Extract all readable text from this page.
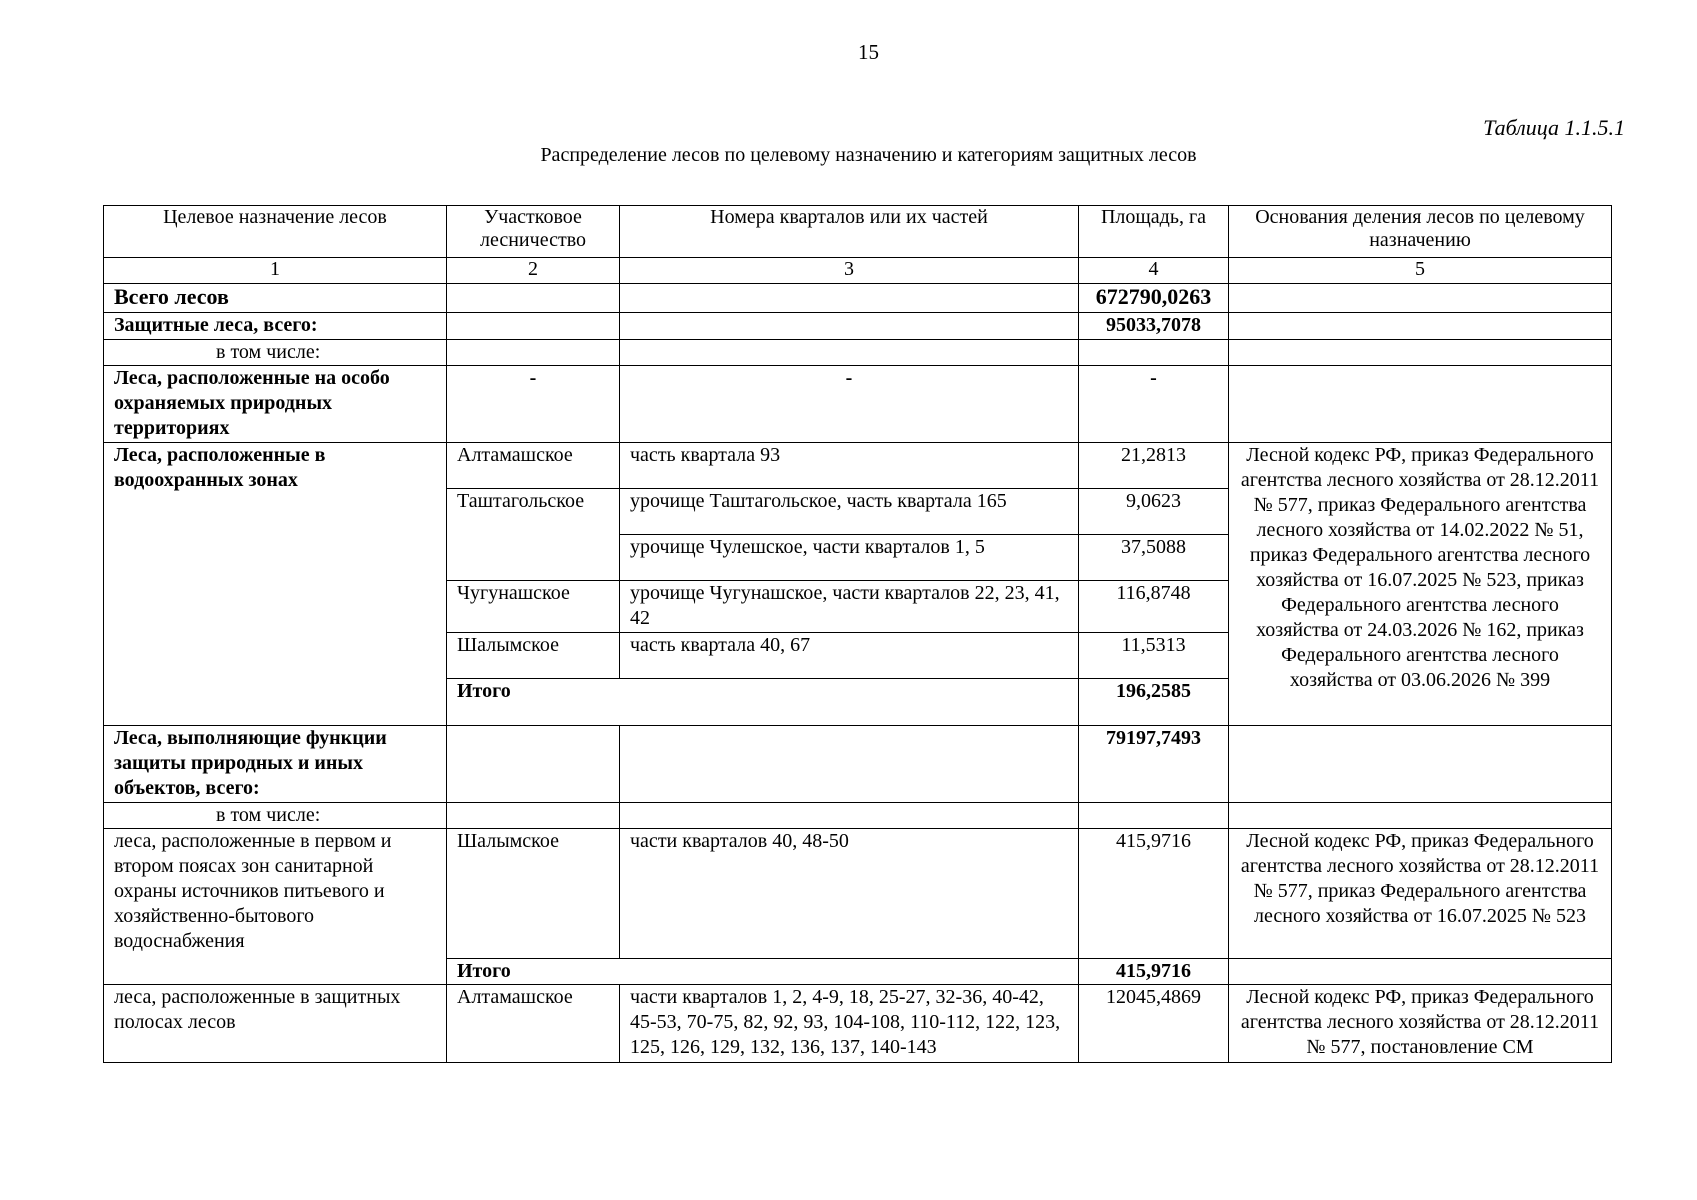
15
Таблица 1.1.5.1
Распределение лесов по целевому назначению и категориям защитных лесов
Целевое назначение лесов	Участковое лесничество	Номера кварталов или их частей	Площадь, га	Основания деления лесов по целевому назначению
1	2	3	4	5
Всего лесов			672790,0263	
Защитные леса, всего:			95033,7078	
в том числе:				
Леса, расположенные на особо охраняемых природных территориях	-	-	-	
Леса, расположенные в водоохранных зонах	Алтамашское	часть квартала 93	21,2813	Лесной кодекс РФ, приказ Федерального агентства лесного хозяйства от 28.12.2011 № 577, приказ Федерального агентства лесного хозяйства от 14.02.2022 № 51, приказ Федерального агентства лесного хозяйства от 16.07.2025 № 523, приказ Федерального агентства лесного хозяйства от 24.03.2026 № 162, приказ Федерального агентства лесного хозяйства от 03.06.2026 № 399
	Таштагольское	урочище Таштагольское, часть квартала 165	9,0623	
		урочище Чулешское, части кварталов 1, 5	37,5088	
	Чугунашское	урочище Чугунашское, части кварталов 22, 23, 41, 42	116,8748	
	Шалымское	часть квартала 40, 67	11,5313	
	Итого		196,2585	
Леса, выполняющие функции защиты природных и иных объектов, всего:			79197,7493	
в том числе:				
леса, расположенные в первом и втором поясах зон санитарной охраны источников питьевого и хозяйственно-бытового водоснабжения	Шалымское	части кварталов 40, 48-50	415,9716	Лесной кодекс РФ, приказ Федерального агентства лесного хозяйства от 28.12.2011 № 577, приказ Федерального агентства лесного хозяйства от 16.07.2025 № 523
	Итого		415,9716	
леса, расположенные в защитных полосах лесов	Алтамашское	части кварталов 1, 2, 4-9, 18, 25-27, 32-36, 40-42, 45-53, 70-75, 82, 92, 93, 104-108, 110-112, 122, 123, 125, 126, 129, 132, 136, 137, 140-143	12045,4869	Лесной кодекс РФ, приказ Федерального агентства лесного хозяйства от 28.12.2011 № 577, постановление СМ
